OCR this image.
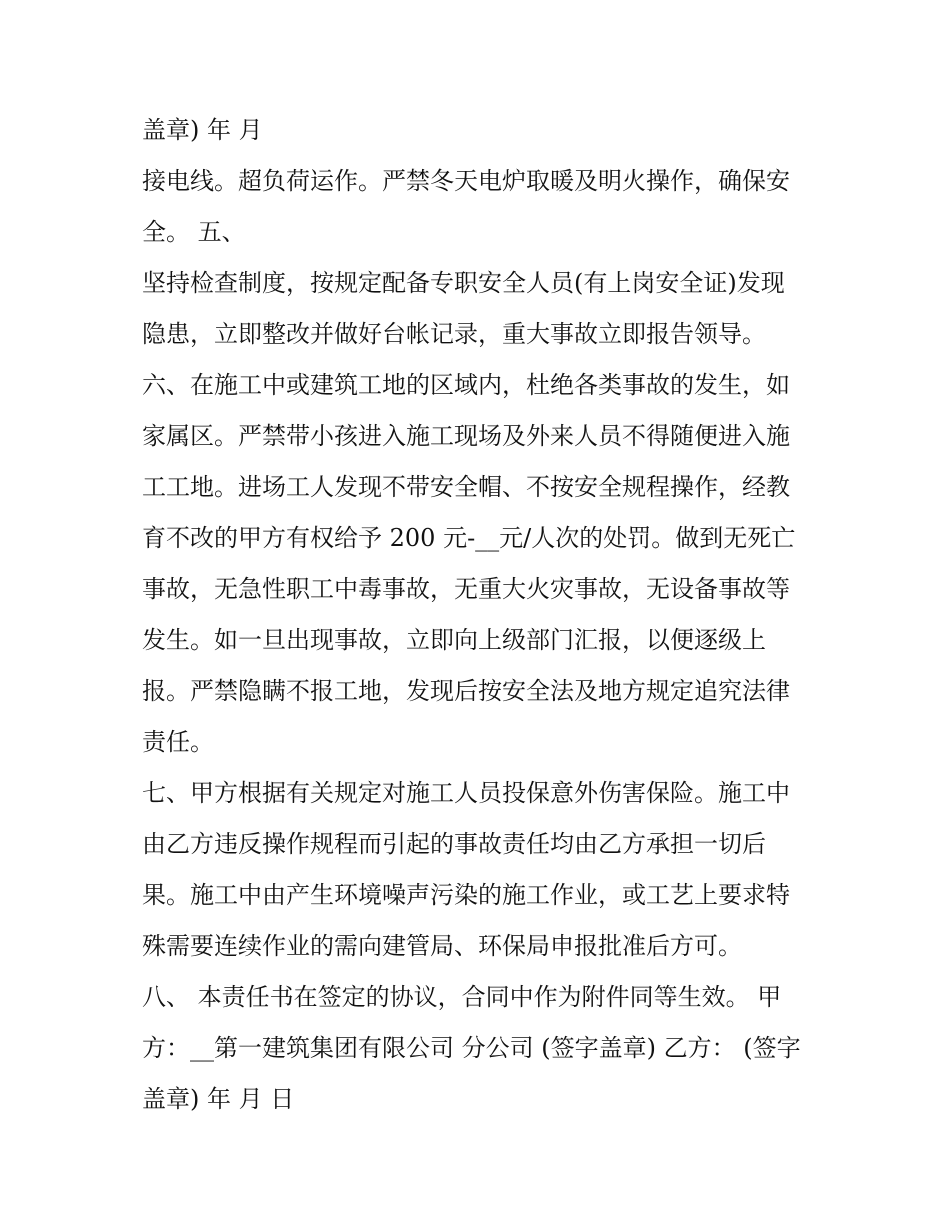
盖章) 年 月
接电线。超负荷运作。严禁冬天电炉取暖及明火操作，确保安
全。 五、
坚持检查制度，按规定配备专职安全人员(有上岗安全证)发现
隐患，立即整改并做好台帐记录，重大事故立即报告领导。
六、在施工中或建筑工地的区域内，杜绝各类事故的发生，如
家属区。严禁带小孩进入施工现场及外来人员不得随便进入施
工工地。进场工人发现不带安全帽、不按安全规程操作，经教
育不改的甲方有权给予 200 元-__元/人次的处罚。做到无死亡
事故，无急性职工中毒事故，无重大火灾事故，无设备事故等
发生。如一旦出现事故，立即向上级部门汇报，以便逐级上
报。严禁隐瞒不报工地，发现后按安全法及地方规定追究法律
责任。
七、甲方根据有关规定对施工人员投保意外伤害保险。施工中
由乙方违反操作规程而引起的事故责任均由乙方承担一切后
果。施工中由产生环境噪声污染的施工作业，或工艺上要求特
殊需要连续作业的需向建管局、环保局申报批准后方可。
八、 本责任书在签定的协议，合同中作为附件同等生效。 甲
方：__第一建筑集团有限公司 分公司 (签字盖章) 乙方： (签字
盖章) 年 月 日
